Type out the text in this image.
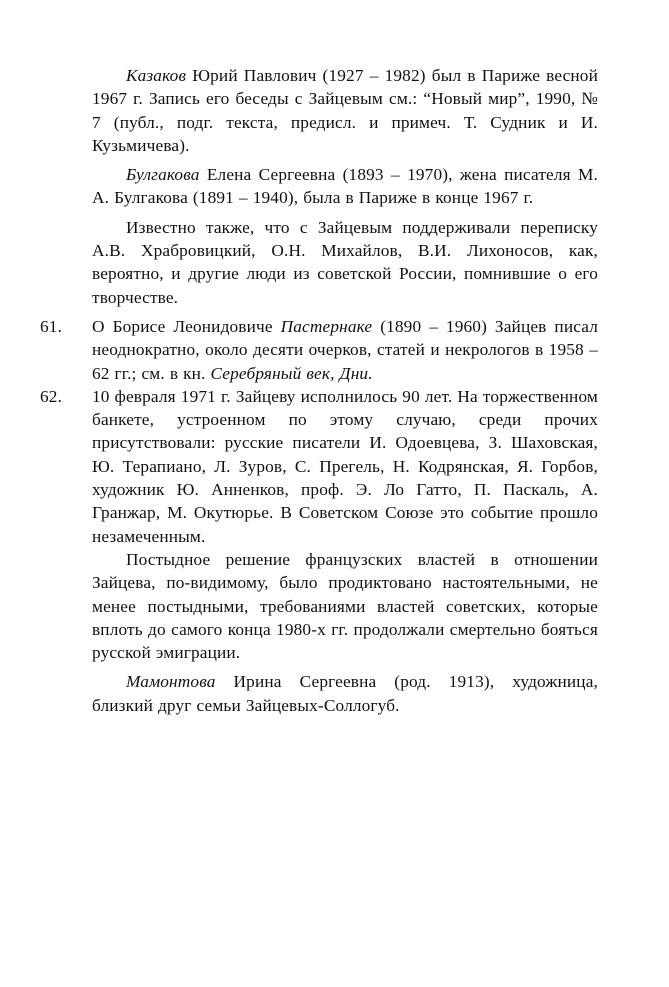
Казаков Юрий Павлович (1927 – 1982) был в Париже весной 1967 г. Запись его беседы с Зайцевым см.: “Новый мир”, 1990, № 7 (публ., подг. текста, предисл. и примеч. Т. Судник и И. Кузьмичева).

Булгакова Елена Сергеевна (1893 – 1970), жена писателя М. А. Булгакова (1891 – 1940), была в Париже в конце 1967 г.

Известно также, что с Зайцевым поддерживали переписку А.В. Храбровицкий, О.Н. Михайлов, В.И. Лихоносов, как, вероятно, и другие люди из советской России, помнившие о его творчестве.

61.	О Борисе Леонидовиче Пастернаке (1890 – 1960) Зайцев писал неоднократно, около десяти очерков, статей и некрологов в 1958 – 62 гг.; см. в кн. Серебряный век, Дни.

62.	10 февраля 1971 г. Зайцеву исполнилось 90 лет. На торжественном банкете, устроенном по этому случаю, среди прочих присутствовали: русские писатели И. Одоевцева, З. Шаховская, Ю. Терапиано, Л. Зуров, С. Прегель, Н. Кодрянская, Я. Горбов, художник Ю. Анненков, проф. Э. Ло Гатто, П. Паскаль, А. Гранжар, М. Окутюрье. В Советском Союзе это событие прошло незамеченным.

Постыдное решение французских властей в отношении Зайцева, по-видимому, было продиктовано настоятельными, не менее постыдными, требованиями властей советских, которые вплоть до самого конца 1980-х гг. продолжали смертельно бояться русской эмиграции.

Мамонтова Ирина Сергеевна (род. 1913), художница, близкий друг семьи Зайцевых-Соллогуб.
